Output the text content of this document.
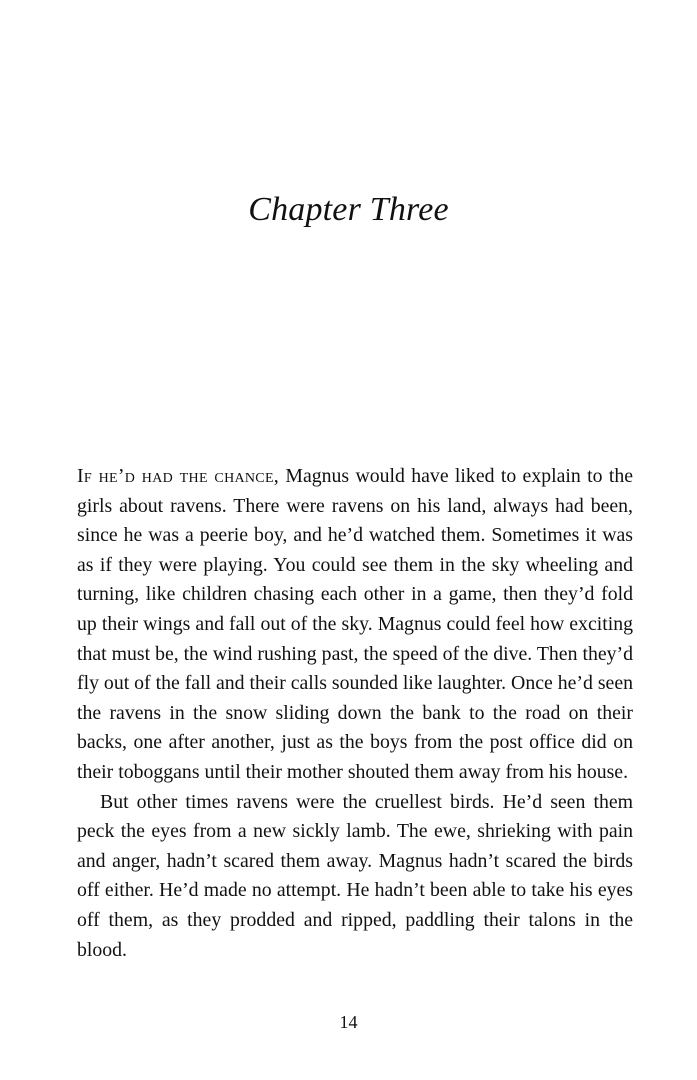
Chapter Three

If he’d had the chance, Magnus would have liked to explain to the girls about ravens. There were ravens on his land, always had been, since he was a peerie boy, and he’d watched them. Sometimes it was as if they were playing. You could see them in the sky wheeling and turning, like children chasing each other in a game, then they’d fold up their wings and fall out of the sky. Magnus could feel how exciting that must be, the wind rushing past, the speed of the dive. Then they’d fly out of the fall and their calls sounded like laughter. Once he’d seen the ravens in the snow sliding down the bank to the road on their backs, one after another, just as the boys from the post office did on their toboggans until their mother shouted them away from his house.

But other times ravens were the cruellest birds. He’d seen them peck the eyes from a new sickly lamb. The ewe, shrieking with pain and anger, hadn’t scared them away. Magnus hadn’t scared the birds off either. He’d made no attempt. He hadn’t been able to take his eyes off them, as they prodded and ripped, paddling their talons in the blood.

14
